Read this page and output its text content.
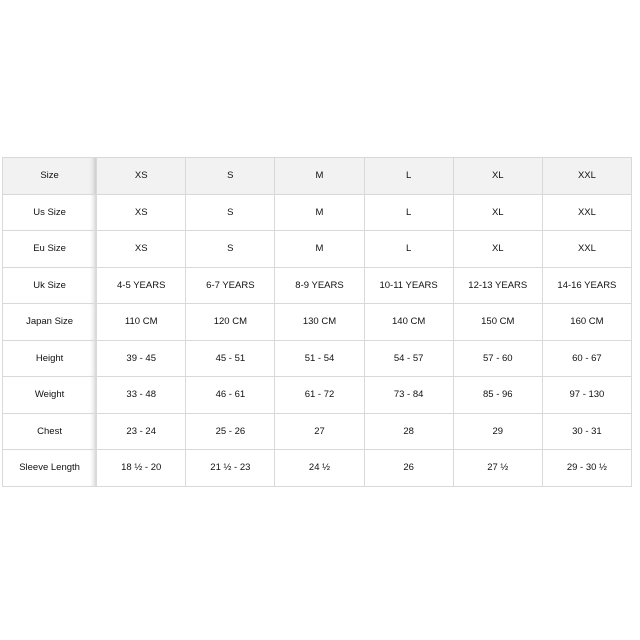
Size	XS	S	M	L	XL	XXL
Us Size	XS	S	M	L	XL	XXL
Eu Size	XS	S	M	L	XL	XXL
Uk Size	4-5 YEARS	6-7 YEARS	8-9 YEARS	10-11 YEARS	12-13 YEARS	14-16 YEARS
Japan Size	110 CM	120 CM	130 CM	140 CM	150 CM	160 CM
Height	39 - 45	45 - 51	51 - 54	54 - 57	57 - 60	60 - 67
Weight	33 - 48	46 - 61	61 - 72	73 - 84	85 - 96	97 - 130
Chest	23 - 24	25 - 26	27	28	29	30 - 31
Sleeve Length	18 ½ - 20	21 ½ - 23	24 ½	26	27 ½	29 - 30 ½
